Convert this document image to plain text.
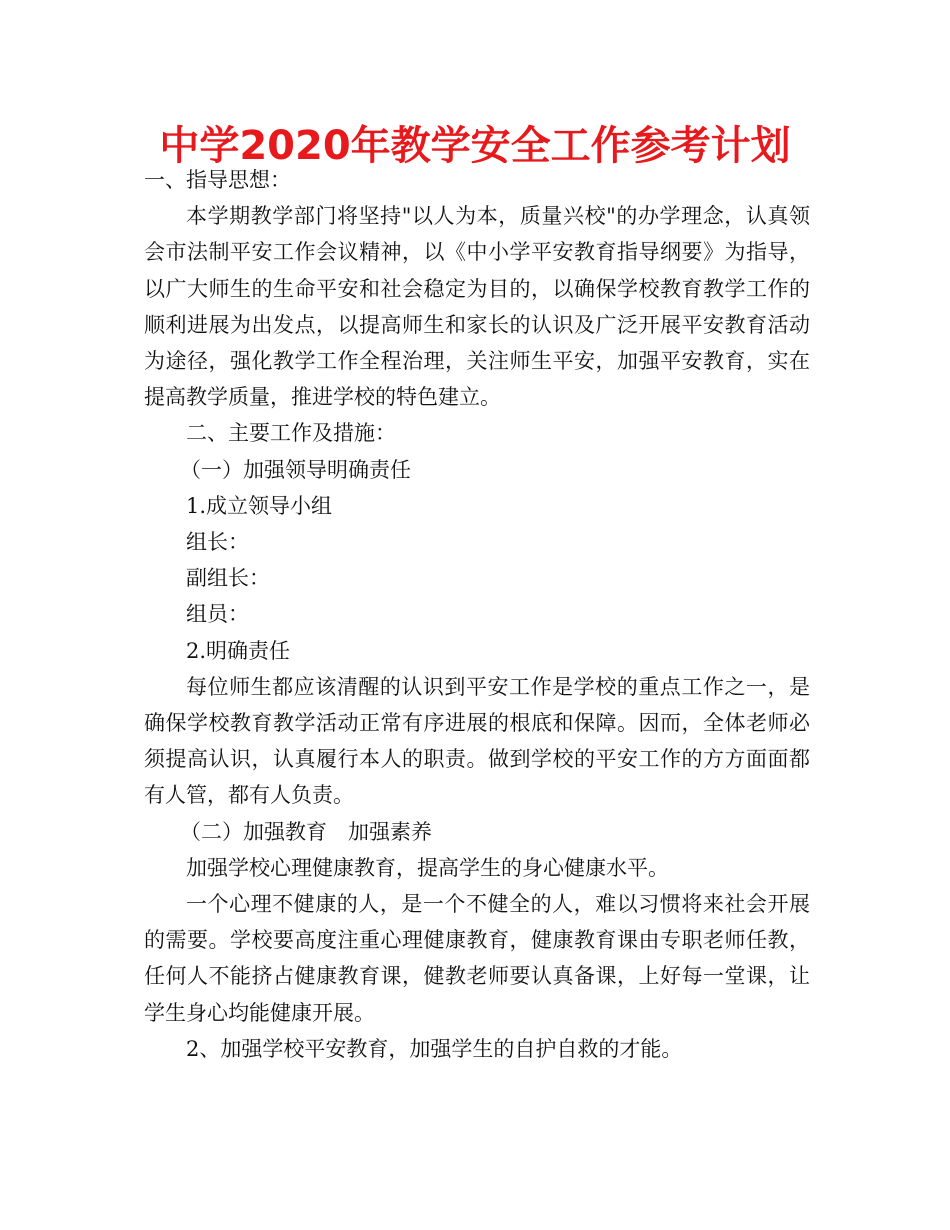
中学2020年教学安全工作参考计划

一、指导思想：

本学期教学部门将坚持"以人为本，质量兴校"的办学理念，认真领会市法制平安工作会议精神，以《中小学平安教育指导纲要》为指导，以广大师生的生命平安和社会稳定为目的，以确保学校教育教学工作的顺利进展为出发点，以提高师生和家长的认识及广泛开展平安教育活动为途径，强化教学工作全程治理，关注师生平安，加强平安教育，实在提高教学质量，推进学校的特色建立。

二、主要工作及措施：

（一）加强领导明确责任

1.成立领导小组

组长：

副组长：

组员：

2.明确责任

每位师生都应该清醒的认识到平安工作是学校的重点工作之一，是确保学校教育教学活动正常有序进展的根底和保障。因而，全体老师必须提高认识，认真履行本人的职责。做到学校的平安工作的方方面面都有人管，都有人负责。

（二）加强教育　加强素养

加强学校心理健康教育，提高学生的身心健康水平。

一个心理不健康的人，是一个不健全的人，难以习惯将来社会开展的需要。学校要高度注重心理健康教育，健康教育课由专职老师任教，任何人不能挤占健康教育课，健教老师要认真备课，上好每一堂课，让学生身心均能健康开展。

2、加强学校平安教育，加强学生的自护自救的才能。
